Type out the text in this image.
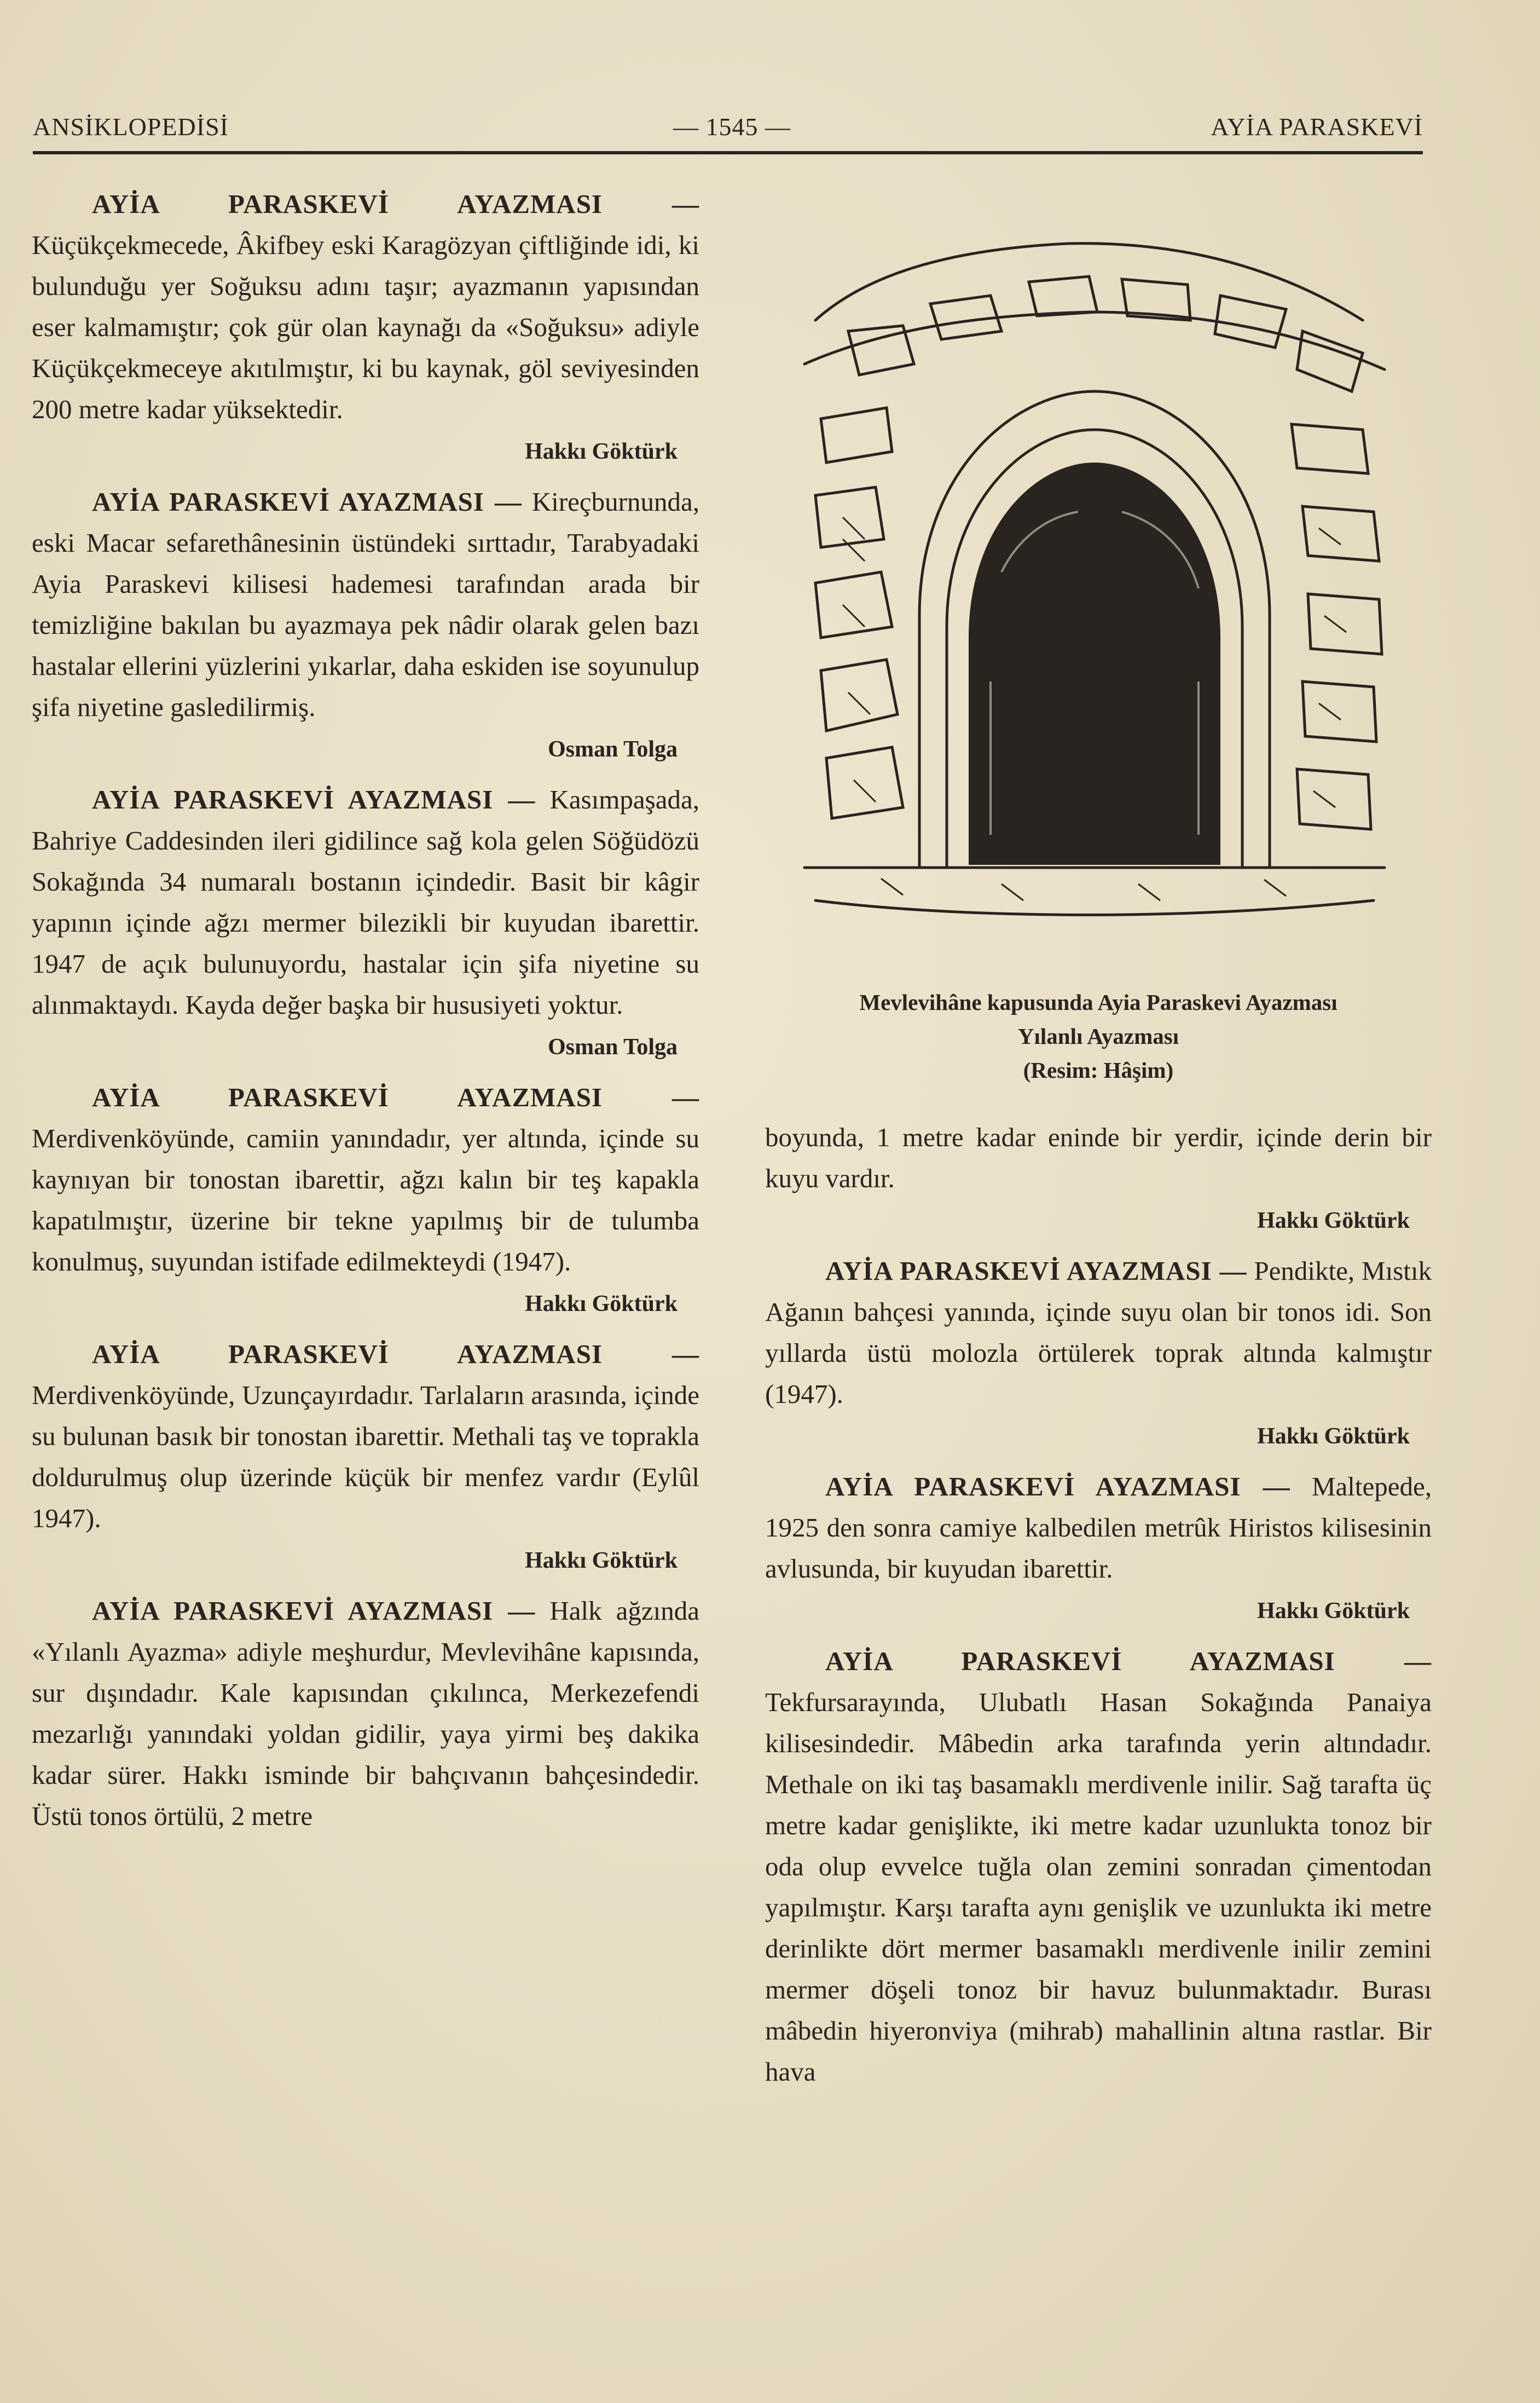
ANSİKLOPEDİSİ	— 1545 —	AYİA PARASKEVİ

AYİA PARASKEVİ AYAZMASI — Küçükçekmecede, Âkifbey eski Karagözyan çiftliğinde idi, ki bulunduğu yer Soğuksu adını taşır; ayazmanın yapısından eser kalmamıştır; çok gür olan kaynağı da «Soğuksu» adiyle Küçükçekmeceye akıtılmıştır, ki bu kaynak, göl seviyesinden 200 metre kadar yüksektedir.

Hakkı Göktürk

AYİA PARASKEVİ AYAZMASI — Kireçburnunda, eski Macar sefarethânesinin üstündeki sırttadır, Tarabyadaki Ayia Paraskevi kilisesi hademesi tarafından arada bir temizliğine bakılan bu ayazmaya pek nâdir olarak gelen bazı hastalar ellerini yüzlerini yıkarlar, daha eskiden ise soyunulup şifa niyetine gasledilirmiş.

Osman Tolga

AYİA PARASKEVİ AYAZMASI — Kasımpaşada, Bahriye Caddesinden ileri gidilince sağ kola gelen Söğüdözü Sokağında 34 numaralı bostanın içindedir. Basit bir kâgir yapının içinde ağzı mermer bilezikli bir kuyudan ibarettir. 1947 de açık bulunuyordu, hastalar için şifa niyetine su alınmaktaydı. Kayda değer başka bir hususiyeti yoktur.

Osman Tolga

AYİA PARASKEVİ AYAZMASI — Merdivenköyünde, camiin yanındadır, yer altında, içinde su kaynıyan bir tonostan ibarettir, ağzı kalın bir teş kapakla kapatılmıştır, üzerine bir tekne yapılmış bir de tulumba konulmuş, suyundan istifade edilmekteydi (1947).

Hakkı Göktürk

AYİA PARASKEVİ AYAZMASI — Merdivenköyünde, Uzunçayırdadır. Tarlaların arasında, içinde su bulunan basık bir tonostan ibarettir. Methali taş ve toprakla doldurulmuş olup üzerinde küçük bir menfez vardır (Eylûl 1947).

Hakkı Göktürk

AYİA PARASKEVİ AYAZMASI — Halk ağzında «Yılanlı Ayazma» adiyle meşhurdur, Mevlevihâne kapısında, sur dışındadır. Kale kapısından çıkılınca, Merkezefendi mezarlığı yanındaki yoldan gidilir, yaya yirmi beş dakika kadar sürer. Hakkı isminde bir bahçıvanın bahçesindedir. Üstü tonos örtülü, 2 metre

Mevlevihâne kapusunda Ayia Paraskevi Ayazması
Yılanlı Ayazması
(Resim: Hâşim)

boyunda, 1 metre kadar eninde bir yerdir, içinde derin bir kuyu vardır.

Hakkı Göktürk

AYİA PARASKEVİ AYAZMASI — Pendikte, Mıstık Ağanın bahçesi yanında, içinde suyu olan bir tonos idi. Son yıllarda üstü molozla örtülerek toprak altında kalmıştır (1947).

Hakkı Göktürk

AYİA PARASKEVİ AYAZMASI — Maltepede, 1925 den sonra camiye kalbedilen metrûk Hiristos kilisesinin avlusunda, bir kuyudan ibarettir.

Hakkı Göktürk

AYİA PARASKEVİ AYAZMASI — Tekfursarayında, Ulubatlı Hasan Sokağında Panaiya kilisesindedir. Mâbedin arka tarafında yerin altındadır. Methale on iki taş basamaklı merdivenle inilir. Sağ tarafta üç metre kadar genişlikte, iki metre kadar uzunlukta tonoz bir oda olup evvelce tuğla olan zemini sonradan çimentodan yapılmıştır. Karşı tarafta aynı genişlik ve uzunlukta iki metre derinlikte dört mermer basamaklı merdivenle inilir zemini mermer döşeli tonoz bir havuz bulunmaktadır. Burası mâbedin hiyeronviya (mihrab) mahallinin altına rastlar. Bir hava
